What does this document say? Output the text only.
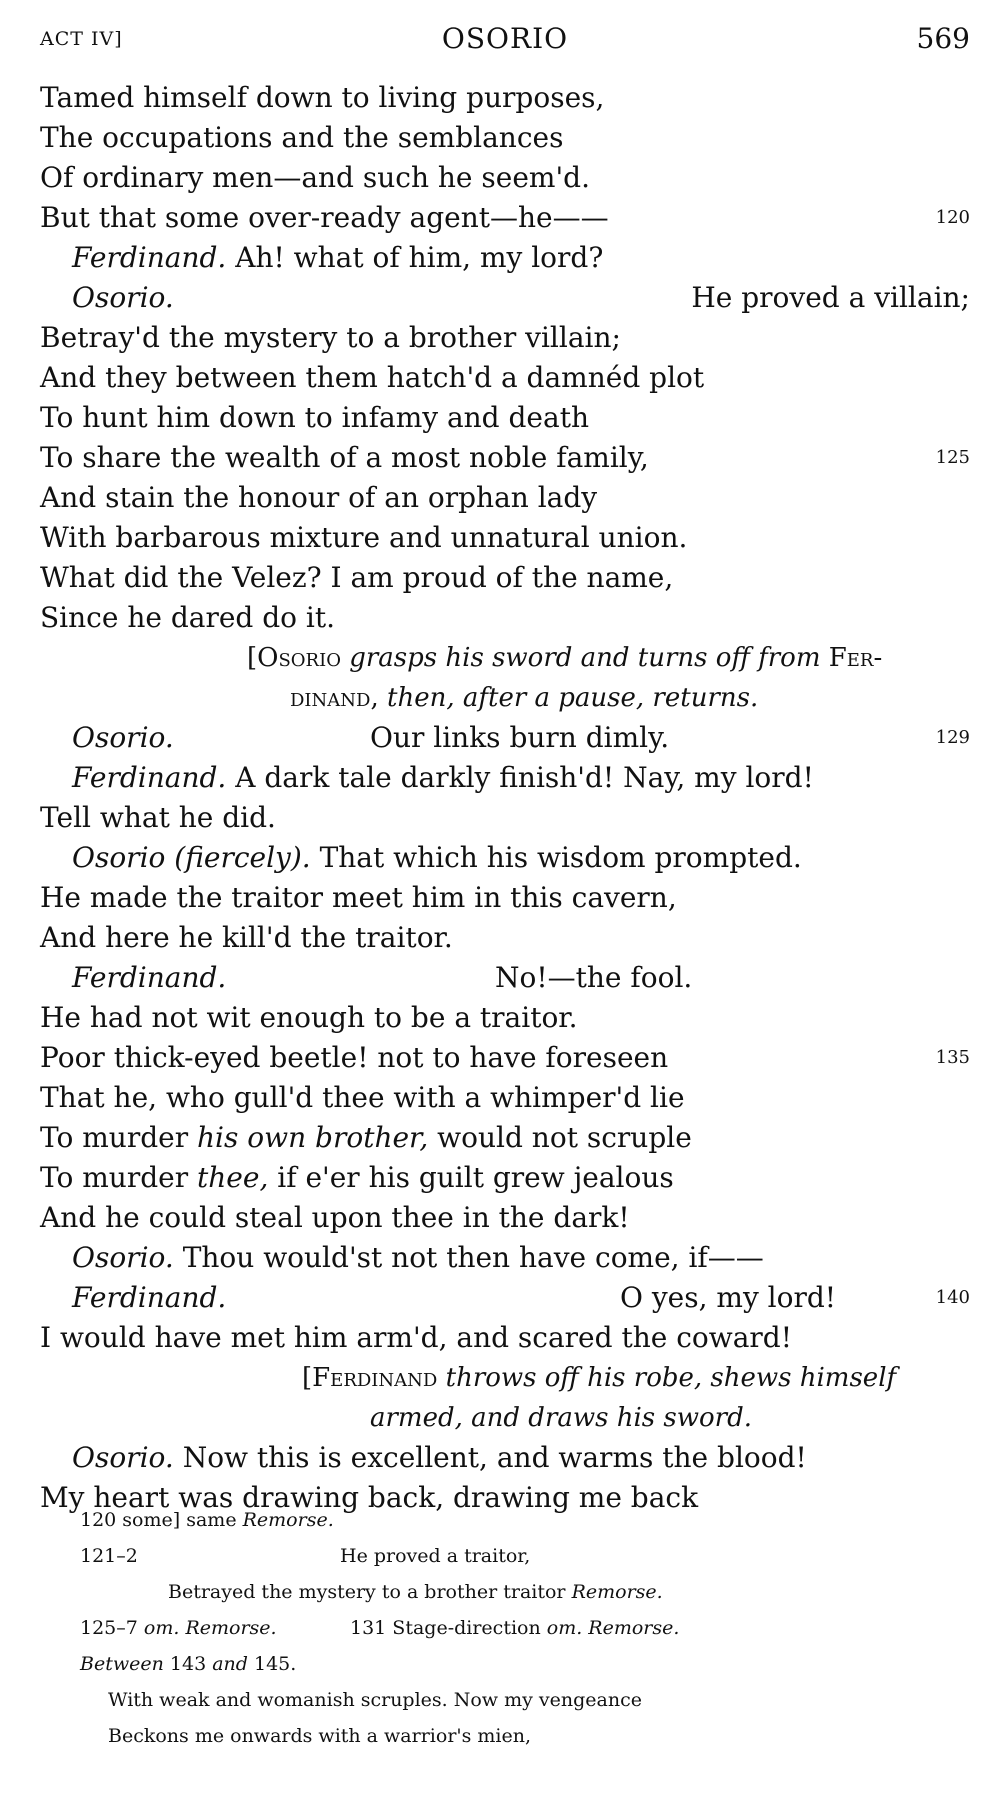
ACT IV]	OSORIO	569
Tamed himself down to living purposes,
The occupations and the semblances
Of ordinary men—and such he seem'd.
But that some over-ready agent—he——	120
Ferdinand. Ah! what of him, my lord?
Osorio.	He proved a villain;
Betray'd the mystery to a brother villain;
And they between them hatch'd a damnéd plot
To hunt him down to infamy and death
To share the wealth of a most noble family,	125
And stain the honour of an orphan lady
With barbarous mixture and unnatural union.
What did the Velez? I am proud of the name,
Since he dared do it.
[Osorio grasps his sword and turns off from Fer-
dinand, then, after a pause, returns.
Osorio.	Our links burn dimly.	129
Ferdinand. A dark tale darkly finish'd! Nay, my lord!
Tell what he did.
Osorio (fiercely). That which his wisdom prompted.
He made the traitor meet him in this cavern,
And here he kill'd the traitor.
Ferdinand.	No!—the fool.
He had not wit enough to be a traitor.
Poor thick-eyed beetle! not to have foreseen	135
That he, who gull'd thee with a whimper'd lie
To murder his own brother, would not scruple
To murder thee, if e'er his guilt grew jealous
And he could steal upon thee in the dark!
Osorio. Thou would'st not then have come, if——
Ferdinand.	O yes, my lord!	140
I would have met him arm'd, and scared the coward!
[Ferdinand throws off his robe, shews himself
armed, and draws his sword.
Osorio. Now this is excellent, and warms the blood!
My heart was drawing back, drawing me back
120 some] same Remorse.
121–2	He proved a traitor,
Betrayed the mystery to a brother traitor Remorse.
125–7 om. Remorse.	131 Stage-direction om. Remorse.
Between 143 and 145.
With weak and womanish scruples. Now my vengeance
Beckons me onwards with a warrior's mien,
